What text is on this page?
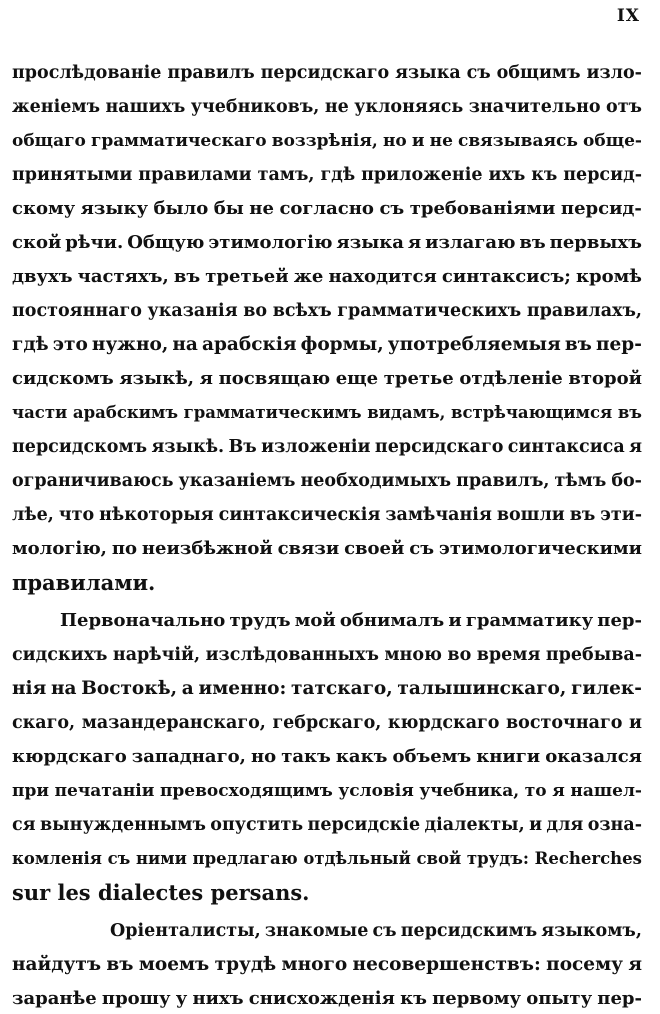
IX
прослѣдованіе правилъ персидскаго языка съ общимъ изло-
женіемъ нашихъ учебниковъ, не уклоняясь значительно отъ
общаго грамматическаго воззрѣнія, но и не связываясь обще-
принятыми правилами тамъ, гдѣ приложеніе ихъ къ персид-
скому языку было бы не согласно съ требованіями персид-
ской рѣчи. Общую этимологію языка я излагаю въ первыхъ
двухъ частяхъ, въ третьей же находится синтаксисъ; кромѣ
постояннаго указанія во всѣхъ грамматическихъ правилахъ,
гдѣ это нужно, на арабскія формы, употребляемыя въ пер-
сидскомъ языкѣ, я посвящаю еще третье отдѣленіе второй
части арабскимъ грамматическимъ видамъ, встрѣчающимся въ
персидскомъ языкѣ. Въ изложеніи персидскаго синтаксиса я
ограничиваюсь указаніемъ необходимыхъ правилъ, тѣмъ бо-
лѣе, что нѣкоторыя синтаксическія замѣчанія вошли въ эти-
мологію, по неизбѣжной связи своей съ этимологическими
правилами.
Первоначально трудъ мой обнималъ и грамматику пер-
сидскихъ нарѣчій, изслѣдованныхъ мною во время пребыва-
нія на Востокѣ, а именно: татскаго, талышинскаго, гилек-
скаго, мазандеранскаго, гебрскаго, кюрдскаго восточнаго и
кюрдскаго западнаго, но такъ какъ объемъ книги оказался
при печатаніи превосходящимъ условія учебника, то я нашел-
ся вынужденнымъ опустить персидскіе діалекты, и для озна-
комленія съ ними предлагаю отдѣльный свой трудъ: Recherches
sur les dialectes persans.
Оріенталисты, знакомые съ персидскимъ языкомъ,
найдутъ въ моемъ трудѣ много несовершенствъ: посему я
заранѣе прошу у нихъ снисхожденія къ первому опыту пер-
